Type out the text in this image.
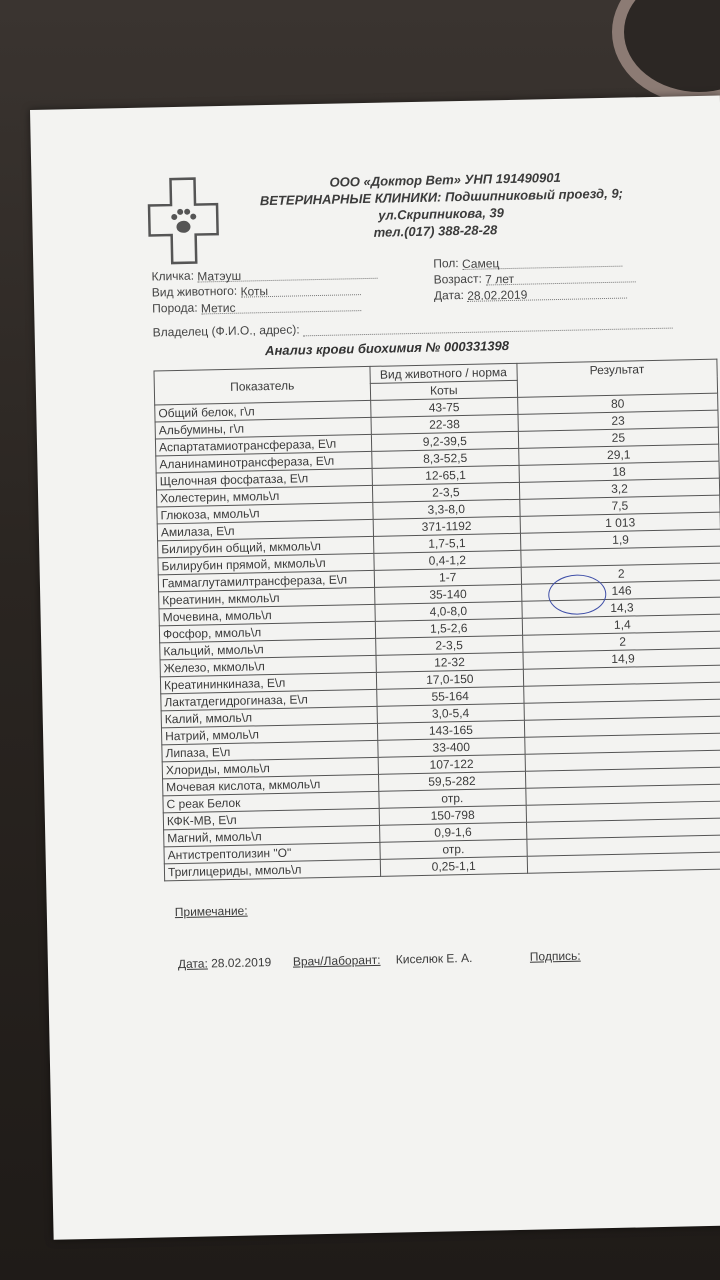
ООО «Доктор Вет» УНП 191490901
ВЕТЕРИНАРНЫЕ КЛИНИКИ: Подшипниковый проезд, 9;
ул.Скрипникова, 39
тел.(017) 388-28-28
Кличка: Матэуш
Вид животного: Коты
Порода: Метис
Пол: Самец
Возраст: 7 лет
Дата: 28.02.2019
Владелец (Ф.И.О., адрес):
Анализ крови биохимия № 000331398
Показатель	Вид животного / норма	Результат
	Коты	
Общий белок, г\л	43-75	80
Альбумины, г\л	22-38	23
Аспартатамиотрансфераза, Е\л	9,2-39,5	25
Аланинаминотрансфераза, Е\л	8,3-52,5	29,1
Щелочная фосфатаза, Е\л	12-65,1	18
Холестерин, ммоль\л	2-3,5	3,2
Глюкоза, ммоль\л	3,3-8,0	7,5
Амилаза, Е\л	371-1192	1 013
Билирубин общий, мкмоль\л	1,7-5,1	1,9
Билирубин прямой, мкмоль\л	0,4-1,2	
Гаммаглутамилтрансфераза, Е\л	1-7	2
Креатинин, мкмоль\л	35-140	146
Мочевина, ммоль\л	4,0-8,0	14,3
Фосфор, ммоль\л	1,5-2,6	1,4
Кальций, ммоль\л	2-3,5	2
Железо, мкмоль\л	12-32	14,9
Креатининкиназа, Е\л	17,0-150	
Лактатдегидрогиназа, Е\л	55-164	
Калий, ммоль\л	3,0-5,4	
Натрий, ммоль\л	143-165	
Липаза, Е\л	33-400	
Хлориды, ммоль\л	107-122	
Мочевая кислота, мкмоль\л	59,5-282	
С реак Белок	отр.	
КФК-МВ, Е\л	150-798	
Магний, ммоль\л	0,9-1,6	
Антистрептолизин "О"	отр.	
Триглицериды, ммоль\л	0,25-1,1	
Примечание:
Дата: 28.02.2019 Врач/Лаборант: Киселюк Е. А.	Подпись:
